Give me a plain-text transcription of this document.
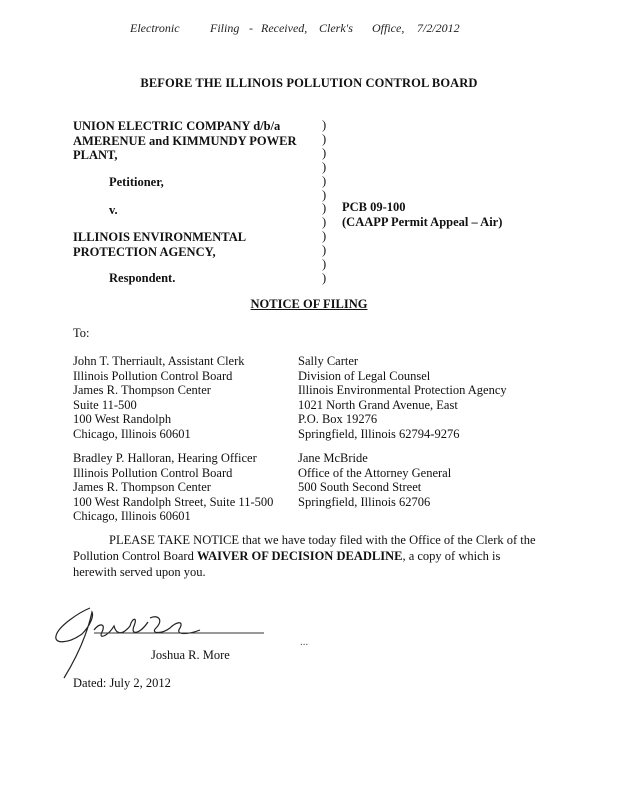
Electronic	Filing - Received, Clerk's	Office,	7/2/2012
BEFORE THE ILLINOIS POLLUTION CONTROL BOARD
UNION ELECTRIC COMPANY d/b/a
AMERENUE and KIMMUNDY POWER
PLANT,
Petitioner,
v.
ILLINOIS ENVIRONMENTAL
PROTECTION AGENCY,
Respondent.
)
)
)
)
)
)
)
)
)
)
)
)
PCB 09-100
(CAAPP Permit Appeal – Air)
NOTICE OF FILING
To:
John T. Therriault, Assistant Clerk
Illinois Pollution Control Board
James R. Thompson Center
Suite 11-500
100 West Randolph
Chicago, Illinois 60601
Sally Carter
Division of Legal Counsel
Illinois Environmental Protection Agency
1021 North Grand Avenue, East
P.O. Box 19276
Springfield, Illinois 62794-9276
Bradley P. Halloran, Hearing Officer
Illinois Pollution Control Board
James R. Thompson Center
100 West Randolph Street, Suite 11-500
Chicago, Illinois 60601
Jane McBride
Office of the Attorney General
500 South Second Street
Springfield, Illinois 62706
PLEASE TAKE NOTICE that we have today filed with the Office of the Clerk of the Pollution Control Board WAIVER OF DECISION DEADLINE, a copy of which is herewith served upon you.
Joshua R. More
...
Dated: July 2, 2012
